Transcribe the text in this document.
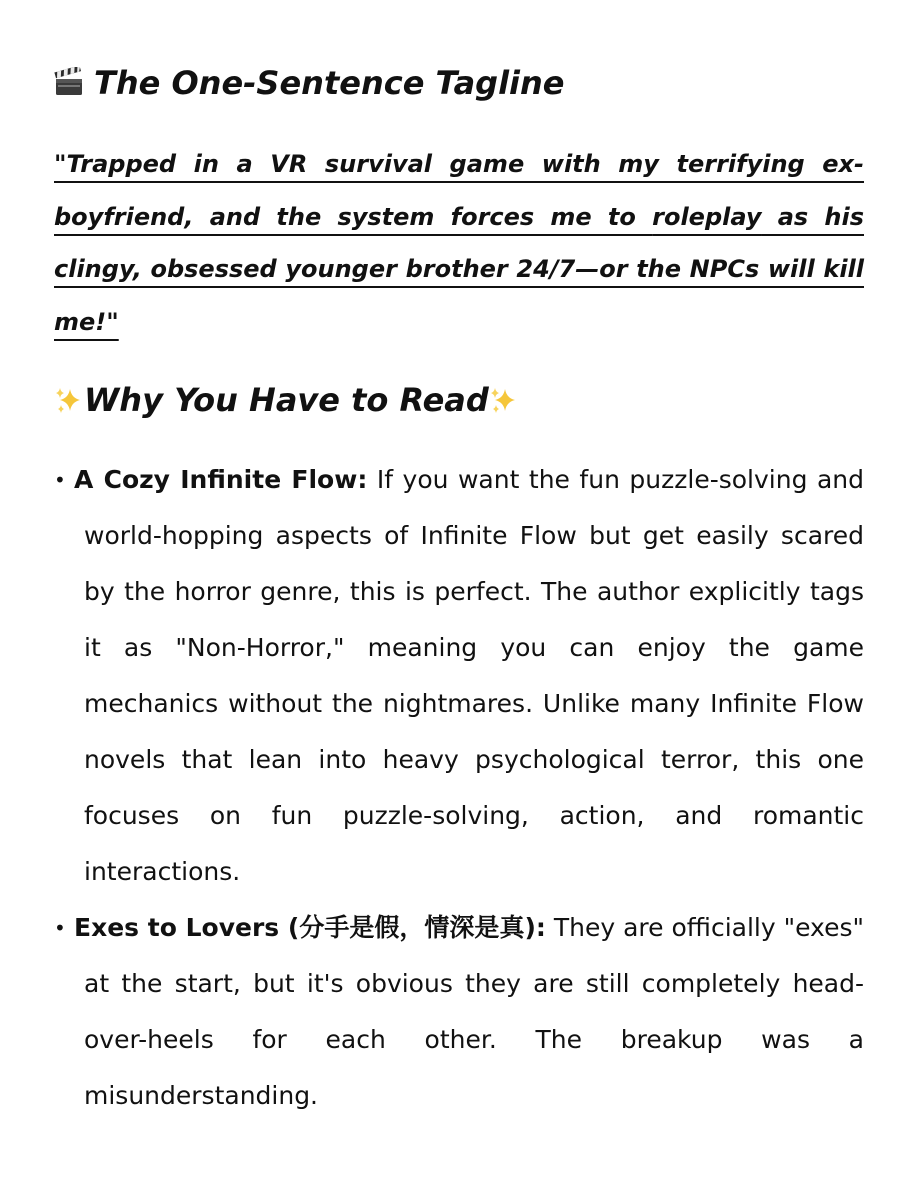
The One-Sentence Tagline
"Trapped in a VR survival game with my terrifying ex-boyfriend, and the system forces me to roleplay as his clingy, obsessed younger brother 24/7—or the NPCs will kill me!"
Why You Have to Read
• A Cozy Infinite Flow: If you want the fun puzzle-solving and world-hopping aspects of Infinite Flow but get easily scared by the horror genre, this is perfect. The author explicitly tags it as "Non-Horror," meaning you can enjoy the game mechanics without the nightmares. Unlike many Infinite Flow novels that lean into heavy psychological terror, this one focuses on fun puzzle-solving, action, and romantic interactions.
• Exes to Lovers (分手是假，情深是真): They are officially "exes" at the start, but it's obvious they are still completely head-over-heels for each other. The breakup was a misunderstanding.
